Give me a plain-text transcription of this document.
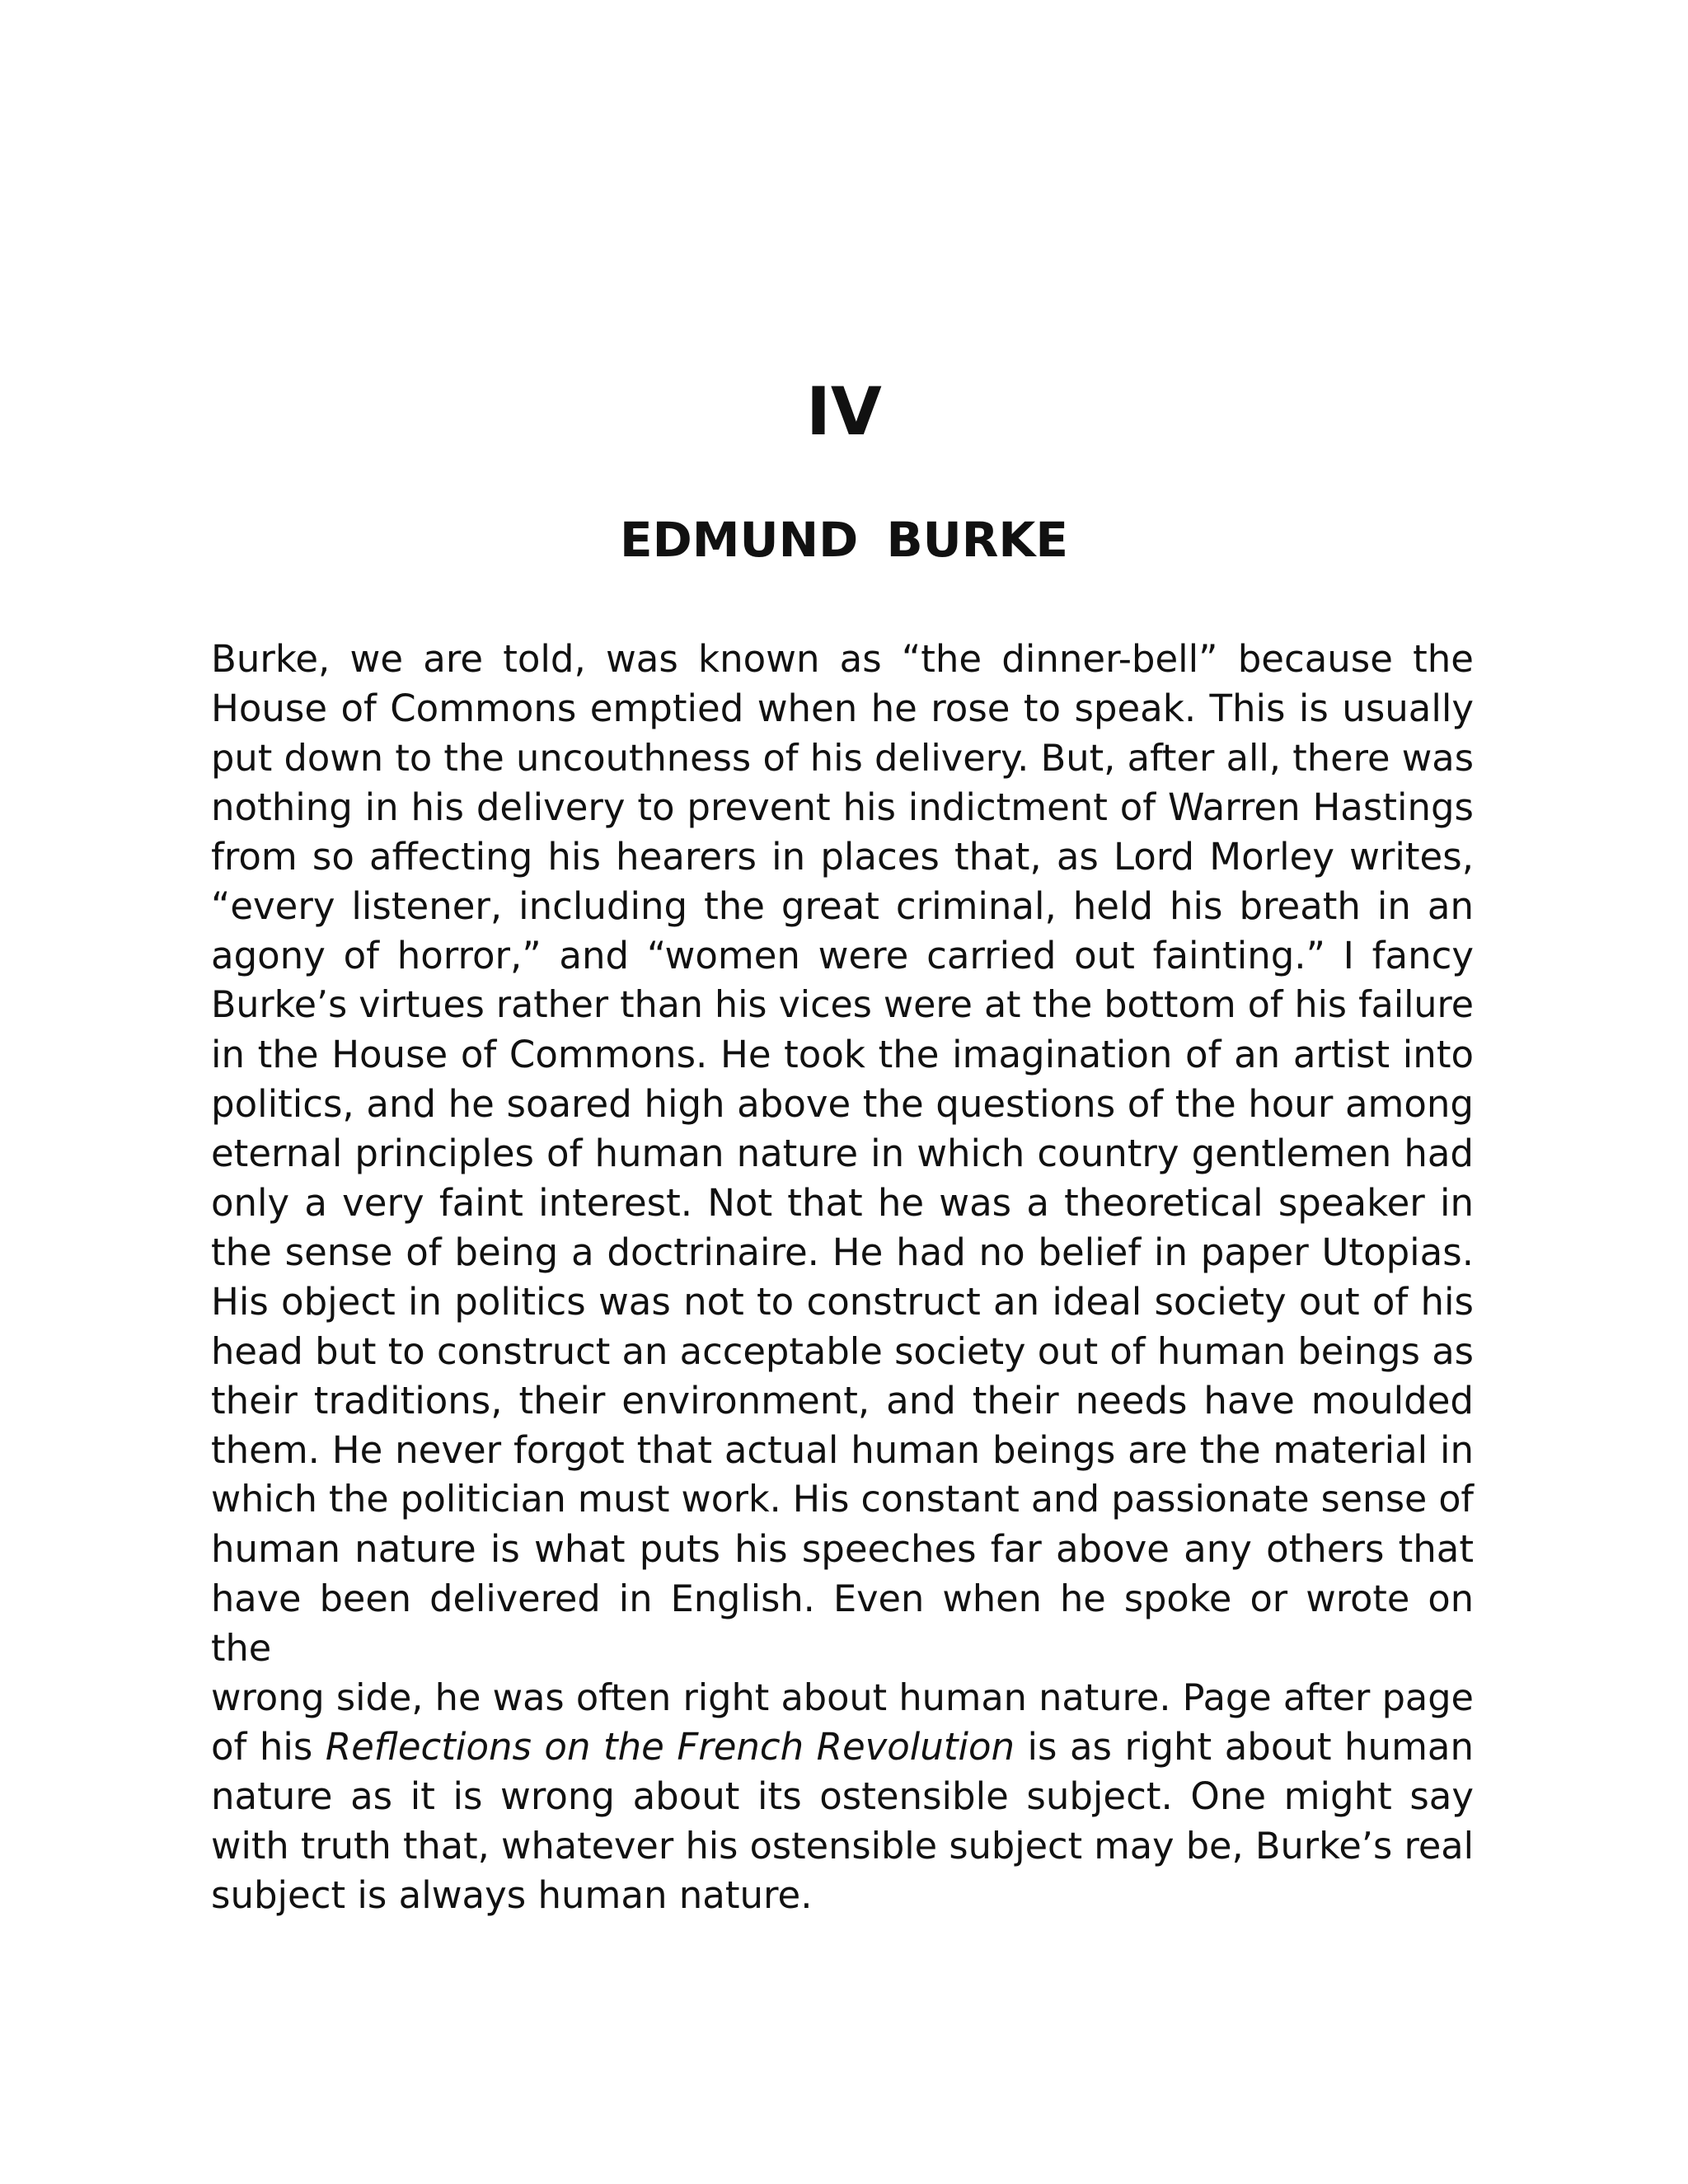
IV
EDMUND BURKE
Burke, we are told, was known as “the dinner-bell” because the
House of Commons emptied when he rose to speak. This is usually
put down to the uncouthness of his delivery. But, after all, there was
nothing in his delivery to prevent his indictment of Warren Hastings
from so affecting his hearers in places that, as Lord Morley writes,
“every listener, including the great criminal, held his breath in an
agony of horror,” and “women were carried out fainting.” I fancy
Burke’s virtues rather than his vices were at the bottom of his failure
in the House of Commons. He took the imagination of an artist into
politics, and he soared high above the questions of the hour among
eternal principles of human nature in which country gentlemen had
only a very faint interest. Not that he was a theoretical speaker in
the sense of being a doctrinaire. He had no belief in paper Utopias.
His object in politics was not to construct an ideal society out of his
head but to construct an acceptable society out of human beings as
their traditions, their environment, and their needs have moulded
them. He never forgot that actual human beings are the material in
which the politician must work. His constant and passionate sense of
human nature is what puts his speeches far above any others that
have been delivered in English. Even when he spoke or wrote on the
wrong side, he was often right about human nature. Page after page
of his Reflections on the French Revolution is as right about human
nature as it is wrong about its ostensible subject. One might say
with truth that, whatever his ostensible subject may be, Burke’s real
subject is always human nature.
